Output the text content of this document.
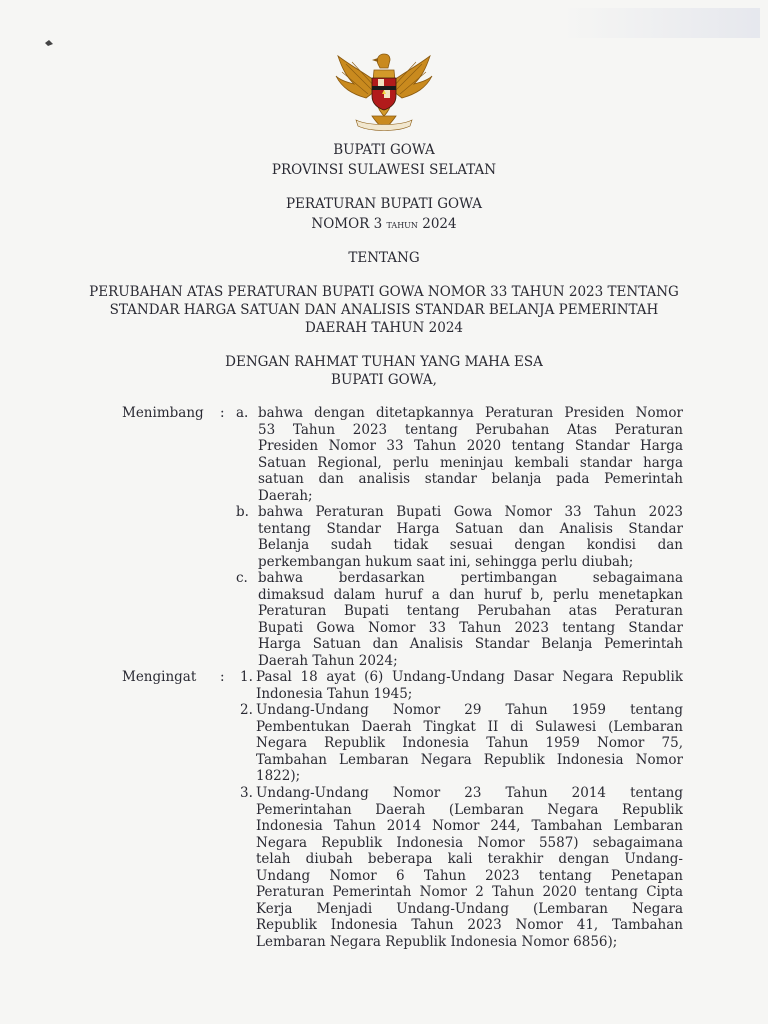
BUPATI GOWA
PROVINSI SULAWESI SELATAN
PERATURAN BUPATI GOWA
NOMOR 3 TAHUN 2024
TENTANG
PERUBAHAN ATAS PERATURAN BUPATI GOWA NOMOR 33 TAHUN 2023 TENTANG
STANDAR HARGA SATUAN DAN ANALISIS STANDAR BELANJA PEMERINTAH
DAERAH TAHUN 2024
DENGAN RAHMAT TUHAN YANG MAHA ESA
BUPATI GOWA,
Menimbang : a. bahwa dengan ditetapkannya Peraturan Presiden Nomor
53 Tahun 2023 tentang Perubahan Atas Peraturan
Presiden Nomor 33 Tahun 2020 tentang Standar Harga
Satuan Regional, perlu meninjau kembali standar harga
satuan dan analisis standar belanja pada Pemerintah
Daerah;
b. bahwa Peraturan Bupati Gowa Nomor 33 Tahun 2023
tentang Standar Harga Satuan dan Analisis Standar
Belanja sudah tidak sesuai dengan kondisi dan
perkembangan hukum saat ini, sehingga perlu diubah;
c. bahwa berdasarkan pertimbangan sebagaimana
dimaksud dalam huruf a dan huruf b, perlu menetapkan
Peraturan Bupati tentang Perubahan atas Peraturan
Bupati Gowa Nomor 33 Tahun 2023 tentang Standar
Harga Satuan dan Analisis Standar Belanja Pemerintah
Daerah Tahun 2024;
Mengingat : 1. Pasal 18 ayat (6) Undang-Undang Dasar Negara Republik
Indonesia Tahun 1945;
2. Undang-Undang Nomor 29 Tahun 1959 tentang
Pembentukan Daerah Tingkat II di Sulawesi (Lembaran
Negara Republik Indonesia Tahun 1959 Nomor 75,
Tambahan Lembaran Negara Republik Indonesia Nomor
1822);
3. Undang-Undang Nomor 23 Tahun 2014 tentang
Pemerintahan Daerah (Lembaran Negara Republik
Indonesia Tahun 2014 Nomor 244, Tambahan Lembaran
Negara Republik Indonesia Nomor 5587) sebagaimana
telah diubah beberapa kali terakhir dengan Undang-
Undang Nomor 6 Tahun 2023 tentang Penetapan
Peraturan Pemerintah Nomor 2 Tahun 2020 tentang Cipta
Kerja Menjadi Undang-Undang (Lembaran Negara
Republik Indonesia Tahun 2023 Nomor 41, Tambahan
Lembaran Negara Republik Indonesia Nomor 6856);
